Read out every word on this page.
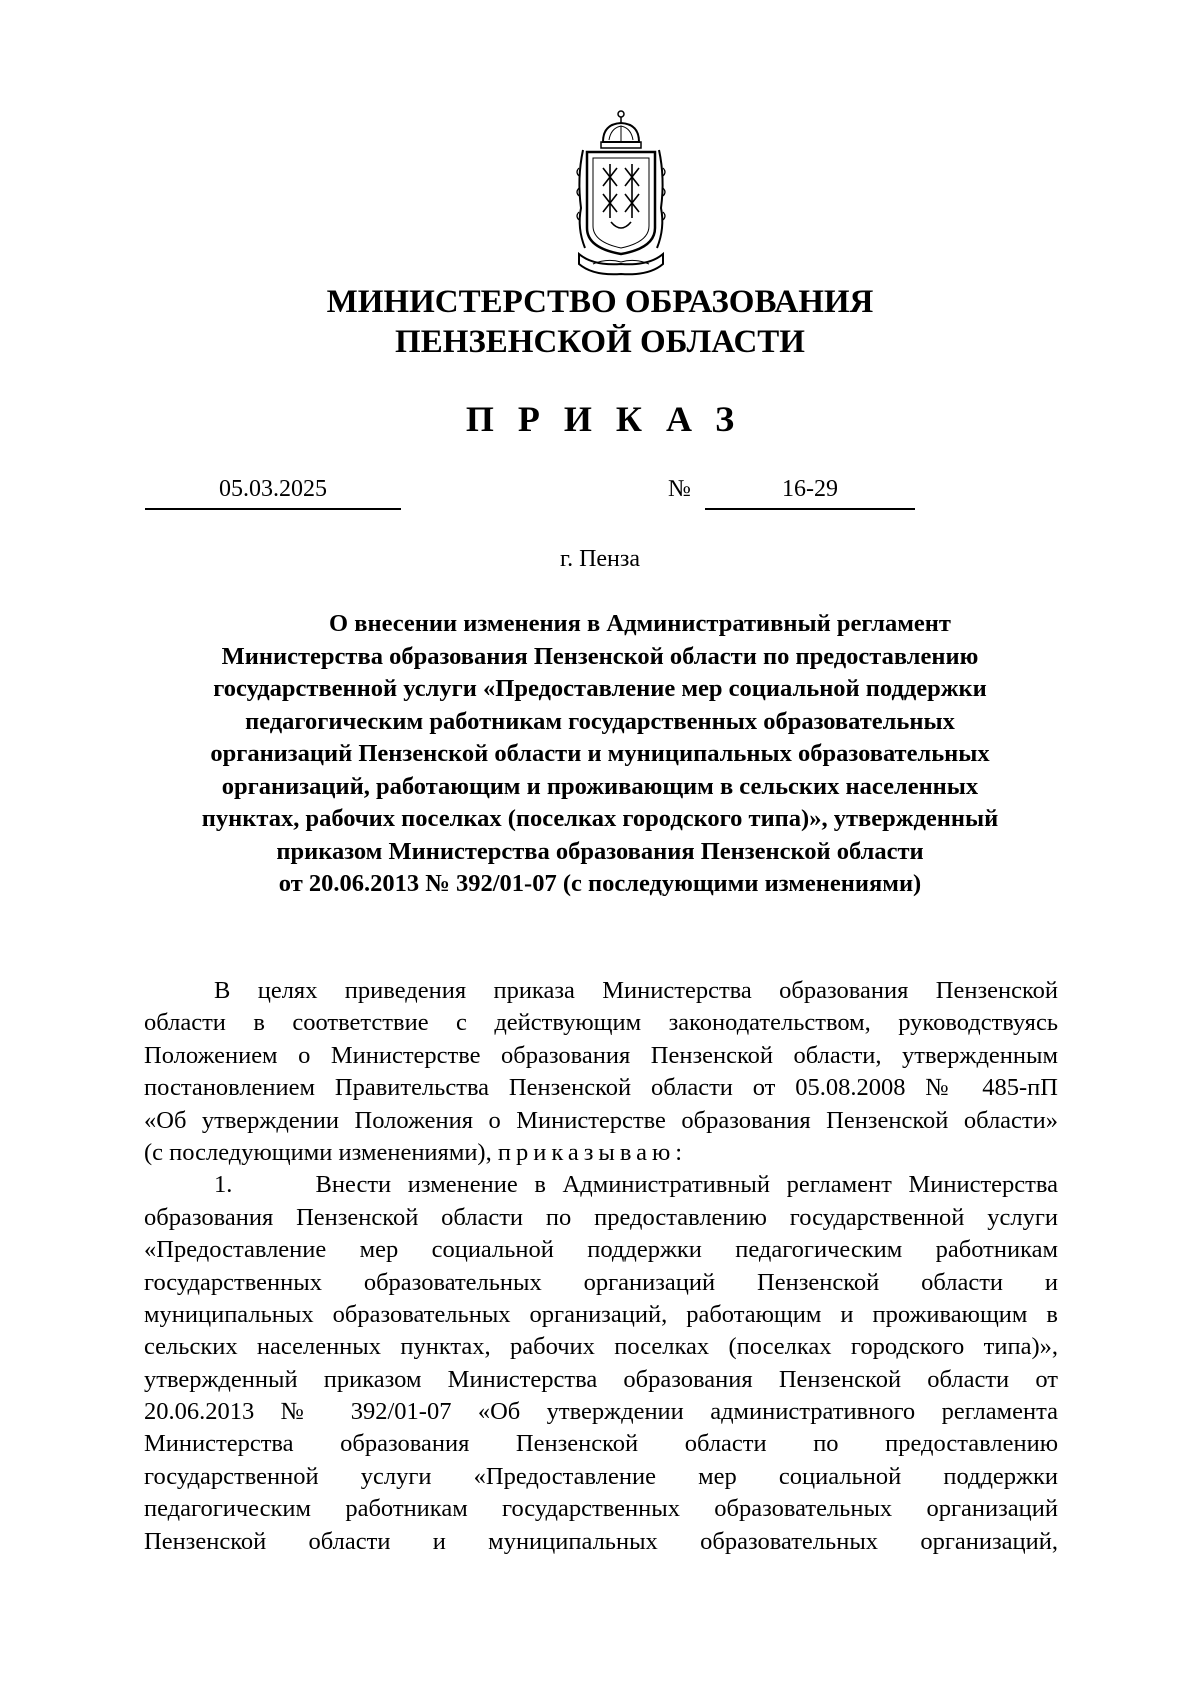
МИНИСТЕРСТВО ОБРАЗОВАНИЯ
ПЕНЗЕНСКОЙ ОБЛАСТИ
ПРИКАЗ
05.03.2025	№	16-29
г. Пенза
О внесении изменения в Административный регламент
Министерства образования Пензенской области по предоставлению
государственной услуги «Предоставление мер социальной поддержки
педагогическим работникам государственных образовательных
организаций Пензенской области и муниципальных образовательных
организаций, работающим и проживающим в сельских населенных
пунктах, рабочих поселках (поселках городского типа)», утвержденный
приказом Министерства образования Пензенской области
от 20.06.2013 № 392/01-07 (с последующими изменениями)
В целях приведения приказа Министерства образования Пензенской
области в соответствие с действующим законодательством, руководствуясь
Положением о Министерстве образования Пензенской области, утвержденным
постановлением Правительства Пензенской области от 05.08.2008 № 485-пП
«Об утверждении Положения о Министерстве образования Пензенской области»
(с последующими изменениями), приказываю:
1.     Внести изменение в Административный регламент Министерства
образования Пензенской области по предоставлению государственной услуги
«Предоставление мер социальной поддержки педагогическим работникам
государственных образовательных организаций Пензенской области и
муниципальных образовательных организаций, работающим и проживающим в
сельских населенных пунктах, рабочих поселках (поселках городского типа)»,
утвержденный приказом Министерства образования Пензенской области от
20.06.2013 № 392/01-07 «Об утверждении административного регламента
Министерства образования Пензенской области по предоставлению
государственной услуги «Предоставление мер социальной поддержки
педагогическим работникам государственных образовательных организаций
Пензенской области и муниципальных образовательных организаций,
